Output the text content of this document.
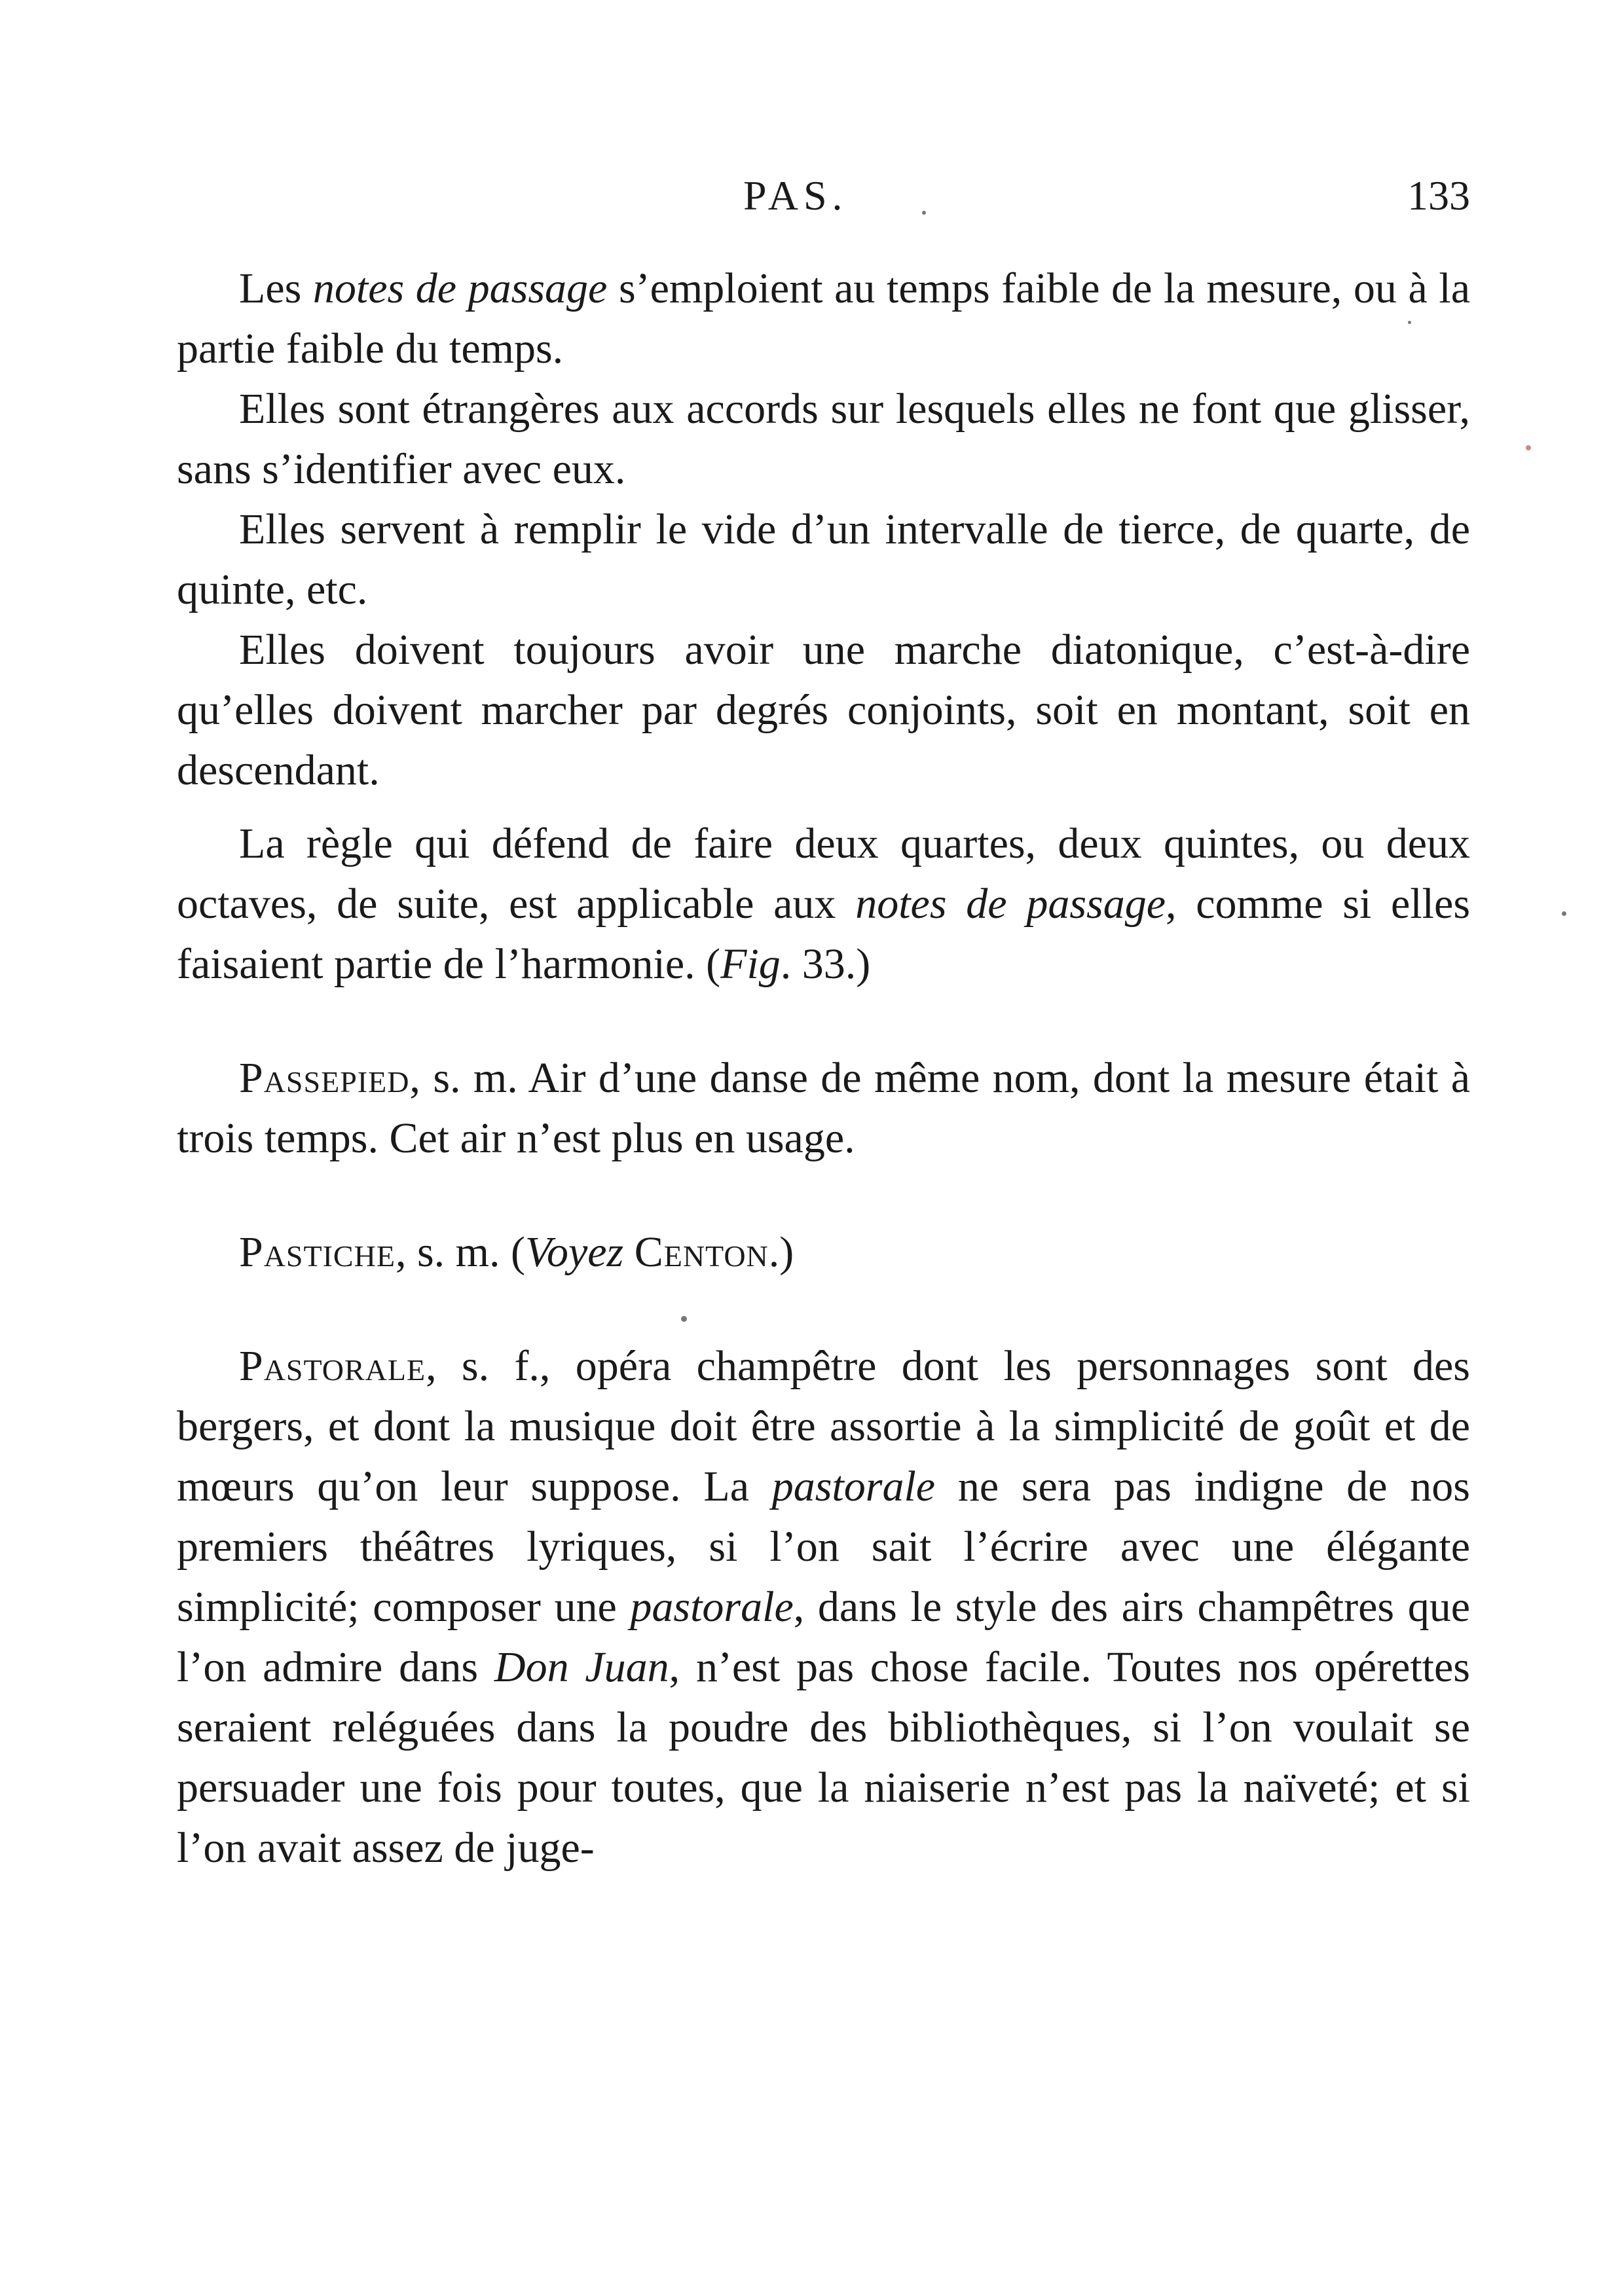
PAS.	133

Les notes de passage s’emploient au temps faible de la mesure, ou à la partie faible du temps.

Elles sont étrangères aux accords sur lesquels elles ne font que glisser, sans s’identifier avec eux.

Elles servent à remplir le vide d’un intervalle de tierce, de quarte, de quinte, etc.

Elles doivent toujours avoir une marche diatonique, c’est-à-dire qu’elles doivent marcher par degrés conjoints, soit en montant, soit en descendant.

La règle qui défend de faire deux quartes, deux quintes, ou deux octaves, de suite, est applicable aux notes de passage, comme si elles faisaient partie de l’harmonie. (Fig. 33.)

Passepied, s. m. Air d’une danse de même nom, dont la mesure était à trois temps. Cet air n’est plus en usage.

Pastiche, s. m. (Voyez Centon.)

Pastorale, s. f., opéra champêtre dont les personnages sont des bergers, et dont la musique doit être assortie à la simplicité de goût et de mœurs qu’on leur suppose. La pastorale ne sera pas indigne de nos premiers théâtres lyriques, si l’on sait l’écrire avec une élégante simplicité; composer une pastorale, dans le style des airs champêtres que l’on admire dans Don Juan, n’est pas chose facile. Toutes nos opérettes seraient reléguées dans la poudre des bibliothèques, si l’on voulait se persuader une fois pour toutes, que la niaiserie n’est pas la naïveté; et si l’on avait assez de juge-
